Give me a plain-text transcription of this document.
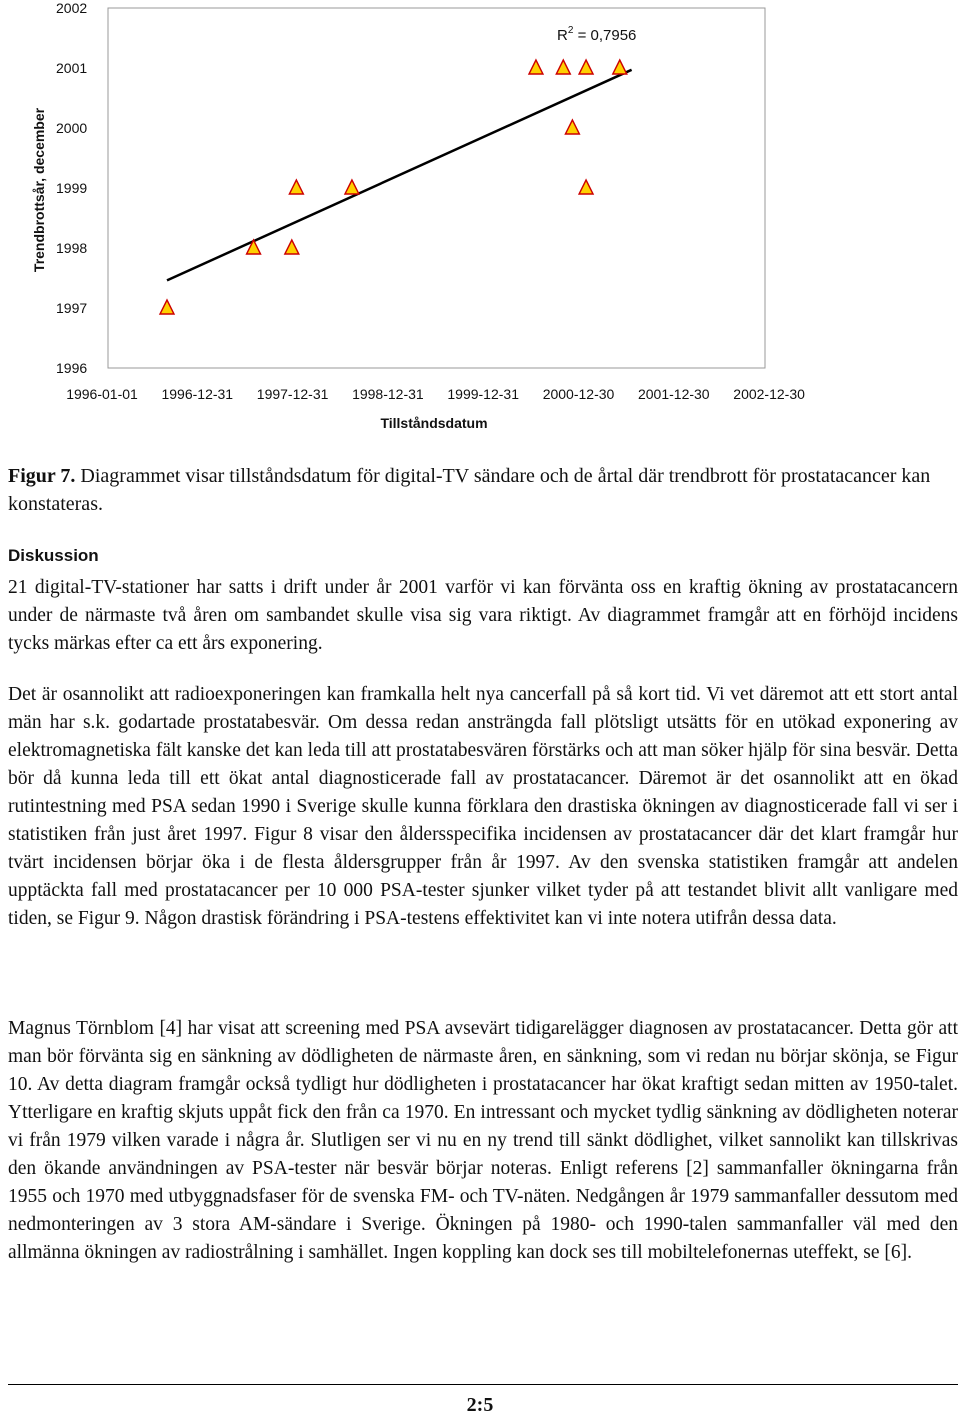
1996
1997
1998
1999
2000
2001
2002
1996-01-01 1996-12-31 1997-12-31 1998-12-31 1999-12-31 2000-12-30 2001-12-30 2002-12-30
Trendbrottsår, december
Tillståndsdatum
$R^2 = 0,7956$

Figur 7. Diagrammet visar tillståndsdatum för digital-TV sändare och de årtal där trendbrott för prostatacancer kan konstateras.

Diskussion

21 digital-TV-stationer har satts i drift under år 2001 varför vi kan förvänta oss en kraftig ökning av prostatacancern under de närmaste två åren om sambandet skulle visa sig vara riktigt. Av diagrammet framgår att en förhöjd incidens tycks märkas efter ca ett års exponering.

Det är osannolikt att radioexponeringen kan framkalla helt nya cancerfall på så kort tid. Vi vet däremot att ett stort antal män har s.k. godartade prostatabesvär. Om dessa redan ansträngda fall plötsligt utsätts för en utökad exponering av elektromagnetiska fält kanske det kan leda till att prostatabesvären förstärks och att man söker hjälp för sina besvär. Detta bör då kunna leda till ett ökat antal diagnosticerade fall av prostatacancer. Däremot är det osannolikt att en ökad rutintestning med PSA sedan 1990 i Sverige skulle kunna förklara den drastiska ökningen av diagnosticerade fall vi ser i statistiken från just året 1997. Figur 8 visar den åldersspecifika incidensen av prostatacancer där det klart framgår hur tvärt incidensen börjar öka i de flesta åldersgrupper från år 1997. Av den svenska statistiken framgår att andelen upptäckta fall med prostatacancer per 10 000 PSA-tester sjunker vilket tyder på att testandet blivit allt vanligare med tiden, se Figur 9. Någon drastisk förändring i PSA-testens effektivitet kan vi inte notera utifrån dessa data.

Magnus Törnblom [4] har visat att screening med PSA avsevärt tidigarelägger diagnosen av prostatacancer. Detta gör att man bör förvänta sig en sänkning av dödligheten de närmaste åren, en sänkning, som vi redan nu börjar skönja, se Figur 10. Av detta diagram framgår också tydligt hur dödligheten i prostatacancer har ökat kraftigt sedan mitten av 1950-talet. Ytterligare en kraftig skjuts uppåt fick den från ca 1970. En intressant och mycket tydlig sänkning av dödligheten noterar vi från 1979 vilken varade i några år. Slutligen ser vi nu en ny trend till sänkt dödlighet, vilket sannolikt kan tillskrivas den ökande användningen av PSA-tester när besvär börjar noteras. Enligt referens [2] sammanfaller ökningarna från 1955 och 1970 med utbyggnadsfaser för de svenska FM- och TV-näten. Nedgången år 1979 sammanfaller dessutom med nedmonteringen av 3 stora AM-sändare i Sverige. Ökningen på 1980- och 1990-talen sammanfaller väl med den allmänna ökningen av radiostrålning i samhället. Ingen koppling kan dock ses till mobiltelefonernas uteffekt, se [6].

2:5
